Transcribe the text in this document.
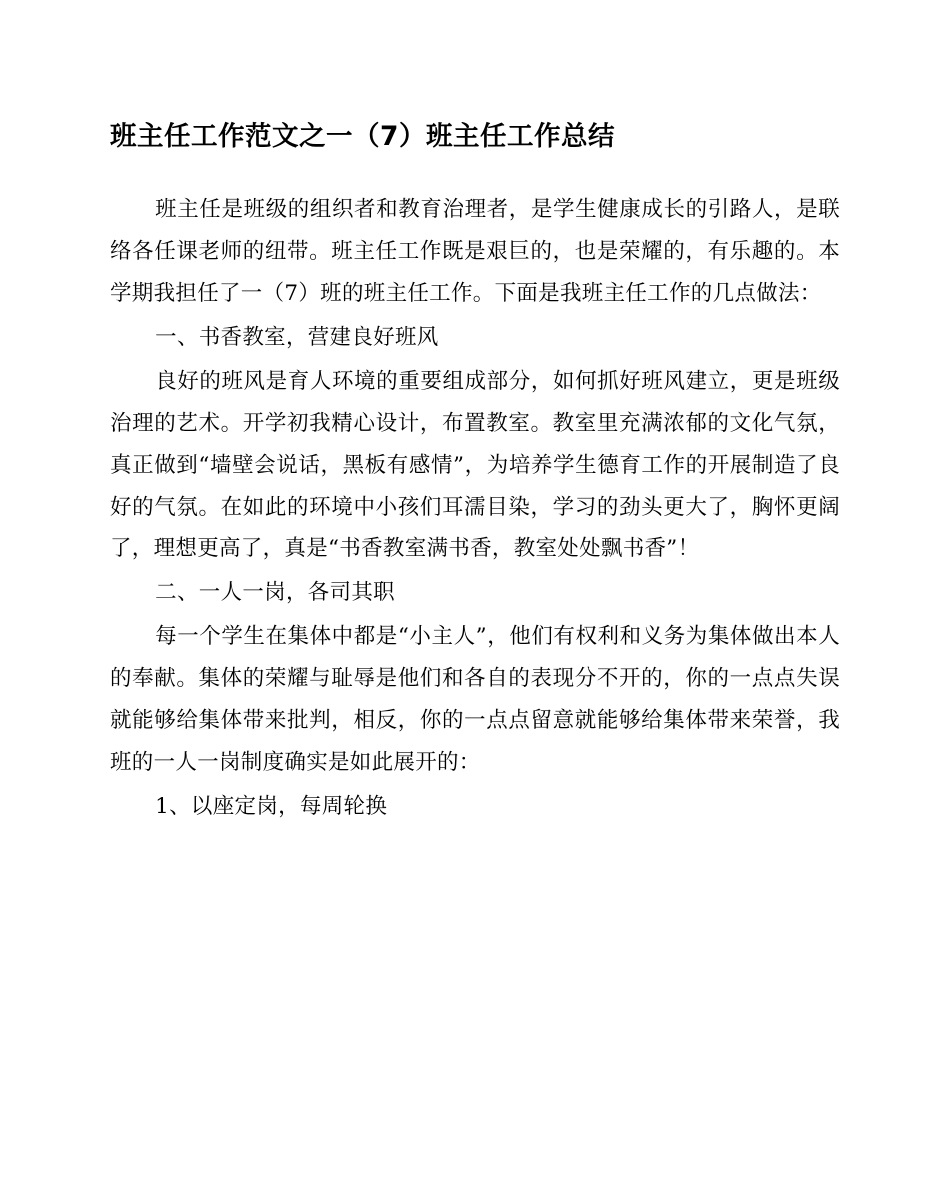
班主任工作范文之一（7）班主任工作总结

班主任是班级的组织者和教育治理者，是学生健康成长的引路人，是联络各任课老师的纽带。班主任工作既是艰巨的，也是荣耀的，有乐趣的。本学期我担任了一（7）班的班主任工作。下面是我班主任工作的几点做法：

一、书香教室，营建良好班风

良好的班风是育人环境的重要组成部分，如何抓好班风建立，更是班级治理的艺术。开学初我精心设计，布置教室。教室里充满浓郁的文化气氛，真正做到“墙壁会说话，黑板有感情”，为培养学生德育工作的开展制造了良好的气氛。在如此的环境中小孩们耳濡目染，学习的劲头更大了，胸怀更阔了，理想更高了，真是“书香教室满书香，教室处处飘书香”！

二、一人一岗，各司其职

每一个学生在集体中都是“小主人”，他们有权利和义务为集体做出本人的奉献。集体的荣耀与耻辱是他们和各自的表现分不开的，你的一点点失误就能够给集体带来批判，相反，你的一点点留意就能够给集体带来荣誉，我班的一人一岗制度确实是如此展开的：

1、以座定岗，每周轮换
